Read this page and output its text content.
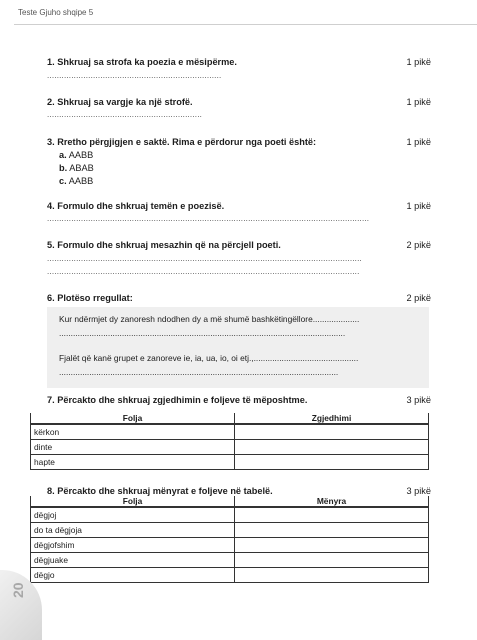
Teste Gjuho shqipe 5
1. Shkruaj sa strofa ka poezia e mësipërme.	1 pikë
........................................................................
2. Shkruaj sa vargje ka një strofë.	1 pikë
................................................................
3. Rretho përgjigjen e saktë. Rima e përdorur nga poeti është:	1 pikë
a. AABB
b. ABAB
c. AABB
4. Formulo dhe shkruaj temën e poezisë.	1 pikë
.....................................................................................................................................
5. Formulo dhe shkruaj mesazhin që na përcjell poeti.	2 pikë
..................................................................................................................................
.................................................................................................................................
6. Plotëso rregullat:	2 pikë
Kur ndërmjet dy zanoresh ndodhen dy a më shumë bashkëtingëllore....................
...........................................................................................................................
Fjalët që kanë grupet e zanoreve ie, ia, ua, io, oi etj.,.............................................
........................................................................................................................
7. Përcakto dhe shkruaj zgjedhimin e foljeve të mëposhtme.	3 pikë
Folja	Zgjedhimi
kërkon	
dinte	
hapte	
8. Përcakto dhe shkruaj mënyrat e foljeve në tabelë.	3 pikë
Folja	Mënyra
dëgjoj	
do ta dëgjoja	
dëgjofshim	
dëgjuake	
dëgjo	
20
